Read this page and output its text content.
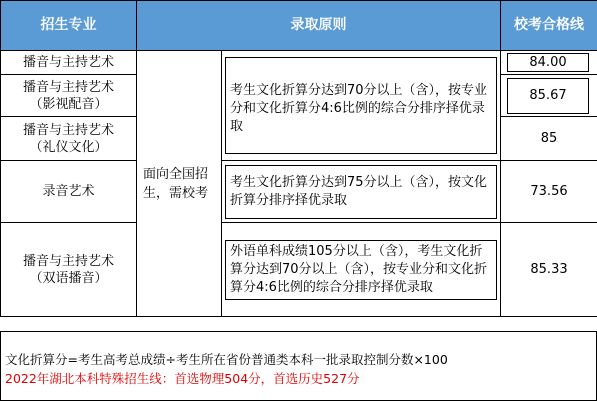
招生专业	录取原则		校考合格线
播音与主持艺术	面向全国招生，需校考	考生文化折算分达到70分以上（含），按专业分和文化折算分4:6比例的综合分排序择优录取	84.00

播音与主持艺术
（影视配音）			85.67

播音与主持艺术
（礼仪文化）			85
录音艺术		考生文化折算分达到75分以上（含），按文化折算分排序择优录取	73.56

播音与主持艺术
（双语播音）		外语单科成绩105分以上（含），考生文化折算分达到70分以上（含），按专业分和文化折算分4:6比例的综合分排序择优录取	85.33
文化折算分=考生高考总成绩÷考生所在省份普通类本科一批录取控制分数×100
2022年湖北本科特殊招生线：首选物理504分，首选历史527分
